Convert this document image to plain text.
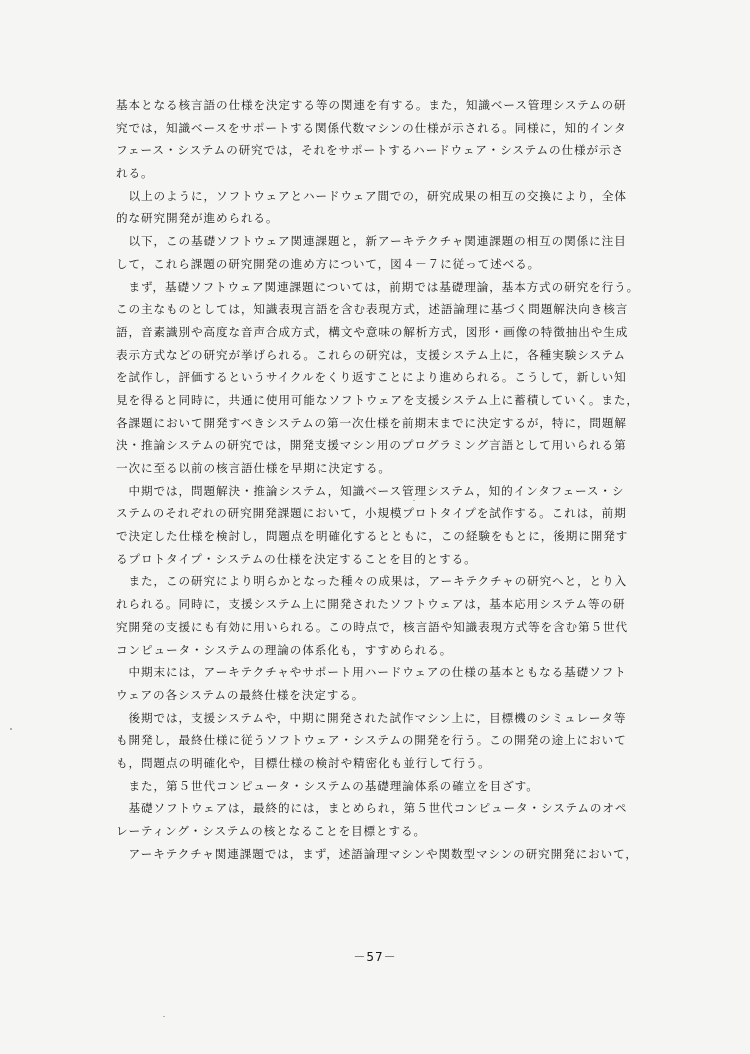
基本となる核言語の仕様を決定する等の関連を有する。また，知識ベース管理システムの研
究では，知識ベースをサポートする関係代数マシンの仕様が示される。同様に，知的インタ
フェース・システムの研究では，それをサポートするハードウェア・システムの仕様が示さ
れる。
　以上のように，ソフトウェアとハードウェア間での，研究成果の相互の交換により，全体
的な研究開発が進められる。
　以下，この基礎ソフトウェア関連課題と，新アーキテクチャ関連課題の相互の関係に注目
して，これら課題の研究開発の進め方について，図４－７に従って述べる。
　まず，基礎ソフトウェア関連課題については，前期では基礎理論，基本方式の研究を行う。
この主なものとしては，知識表現言語を含む表現方式，述語論理に基づく問題解決向き核言
語，音素識別や高度な音声合成方式，構文や意味の解析方式，図形・画像の特徴抽出や生成
表示方式などの研究が挙げられる。これらの研究は，支援システム上に，各種実験システム
を試作し，評価するというサイクルをくり返すことにより進められる。こうして，新しい知
見を得ると同時に，共通に使用可能なソフトウェアを支援システム上に蓄積していく。また，
各課題において開発すべきシステムの第一次仕様を前期末までに決定するが，特に，問題解
決・推論システムの研究では，開発支援マシン用のプログラミング言語として用いられる第
一次に至る以前の核言語仕様を早期に決定する。
　中期では，問題解決・推論システム，知識ベース管理システム，知的インタフェース・シ
ステムのそれぞれの研究開発課題において，小規模プロトタイプを試作する。これは，前期
で決定した仕様を検討し，問題点を明確化するとともに，この経験をもとに，後期に開発す
るプロトタイプ・システムの仕様を決定することを目的とする。
　また，この研究により明らかとなった種々の成果は，アーキテクチャの研究へと，とり入
れられる。同時に，支援システム上に開発されたソフトウェアは，基本応用システム等の研
究開発の支援にも有効に用いられる。この時点で，核言語や知識表現方式等を含む第５世代
コンピュータ・システムの理論の体系化も，すすめられる。
　中期末には，アーキテクチャやサポート用ハードウェアの仕様の基本ともなる基礎ソフト
ウェアの各システムの最終仕様を決定する。
　後期では，支援システムや，中期に開発された試作マシン上に，目標機のシミュレータ等
も開発し，最終仕様に従うソフトウェア・システムの開発を行う。この開発の途上において
も，問題点の明確化や，目標仕様の検討や精密化も並行して行う。
　また，第５世代コンピュータ・システムの基礎理論体系の確立を目ざす。
　基礎ソフトウェアは，最終的には，まとめられ，第５世代コンピュータ・システムのオペ
レーティング・システムの核となることを目標とする。
　アーキテクチャ関連課題では，まず，述語論理マシンや関数型マシンの研究開発において，
－57－
